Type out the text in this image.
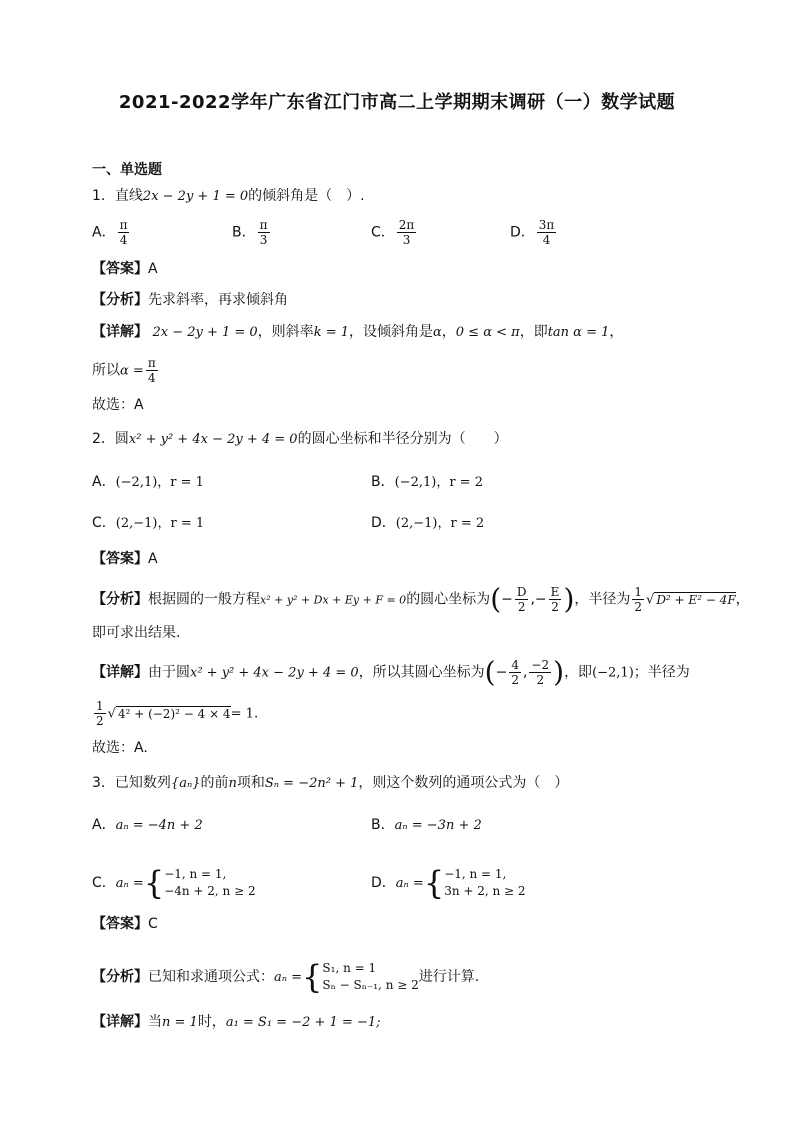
2021-2022学年广东省江门市高二上学期期末调研（一）数学试题
一、单选题
1．直线2x − 2y + 1 = 0的倾斜角是（　）.
A． $\frac{\pi}{4}$	B． $\frac{\pi}{3}$	C． $\frac{2\pi}{3}$	D． $\frac{3\pi}{4}$
【答案】A
【分析】先求斜率，再求倾斜角
【详解】 2x − 2y + 1 = 0，则斜率k = 1，设倾斜角是α，0 ≤ α < π，即tan α = 1，
所以$\alpha = \frac{\pi}{4}$
故选：A
2．圆x² + y² + 4x − 2y + 4 = 0的圆心坐标和半径分别为（　　）
A．(−2,1)，r = 1	B．(−2,1)，r = 2
C．(2,−1)，r = 1	D．(2,−1)，r = 2
【答案】A
【分析】根据圆的一般方程x² + y² + Dx + Ey + F = 0的圆心坐标为(− $\frac{D}{2}$ ,− $\frac{E}{2}$ )，半径为 $\frac{1}{2}$ √ D² + E² − 4F，
即可求出结果.
【详解】由于圆x² + y² + 4x − 2y + 4 = 0，所以其圆心坐标为(− $\frac{4}{2}$ , $\frac{-2}{2}$ )，即(−2,1)；半径为
$\frac{1}{2}$ √ 4² + (−2)² − 4 × 4= 1.
故选：A.
3．已知数列{aₙ}的前n项和Sₙ = −2n² + 1，则这个数列的通项公式为（　）
A．aₙ = −4n + 2	B．aₙ = −3n + 2
C．aₙ ={ −1, n = 1,
−4n + 2, n ≥ 2	D．aₙ ={ −1, n = 1,
3n + 2, n ≥ 2
【答案】C
【分析】已知和求通项公式：aₙ ={ S₁, n = 1
Sₙ − Sₙ₋₁, n ≥ 2 进行计算.
【详解】当n = 1时，a₁ = S₁ = −2 + 1 = −1;
